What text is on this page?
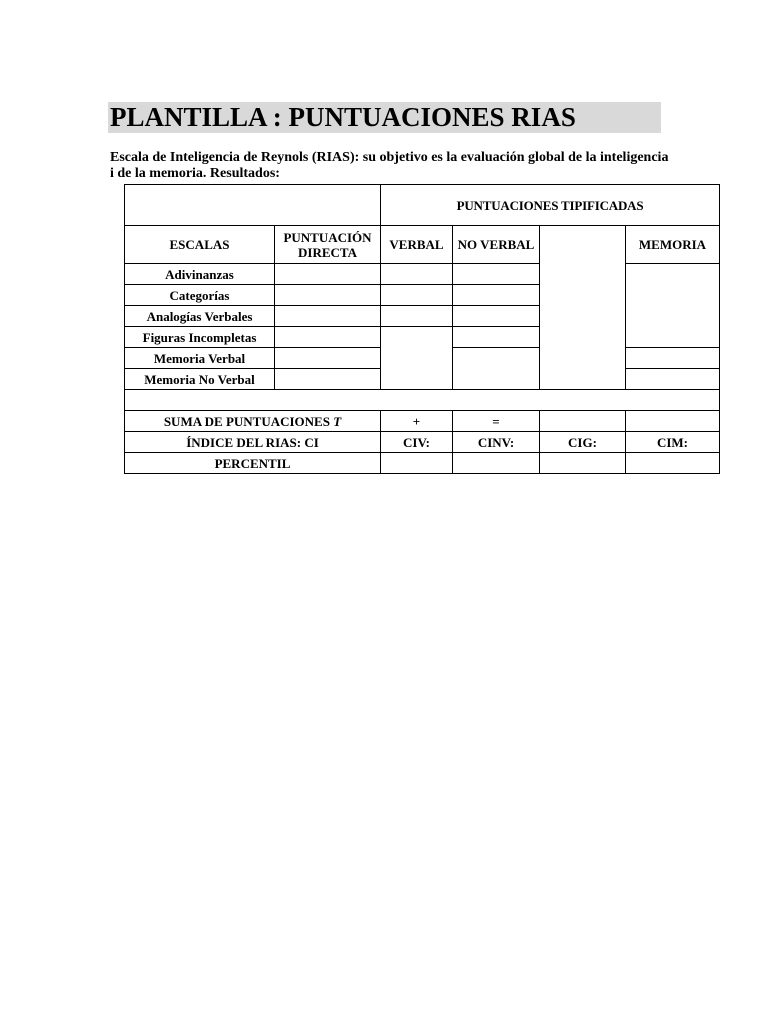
PLANTILLA : PUNTUACIONES RIAS
Escala de Inteligencia de Reynols (RIAS): su objetivo es la evaluación global de la inteligencia i de la memoria. Resultados:
		PUNTUACIONES TIPIFICADAS			
ESCALAS	PUNTUACIÓN DIRECTA	VERBAL	NO VERBAL		MEMORIA
Adivinanzas					
Categorías					
Analogías Verbales					
Figuras Incompletas					
Memoria Verbal					
Memoria No Verbal					

SUMA DE PUNTUACIONES T		+	=		
ÍNDICE DEL RIAS: CI		CIV:	CINV:	CIG:	CIM:
PERCENTIL					
